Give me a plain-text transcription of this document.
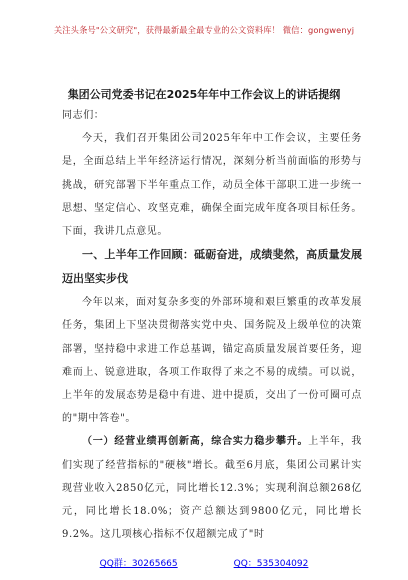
关注头条号"公文研究"，获得最新最全最专业的公文资料库！ 微信：gongwenyj
集团公司党委书记在2025年年中工作会议上的讲话提纲

同志们：

今天，我们召开集团公司2025年年中工作会议，主要任务是，全面总结上半年经济运行情况，深刻分析当前面临的形势与挑战，研究部署下半年重点工作，动员全体干部职工进一步统一思想、坚定信心、攻坚克难，确保全面完成年度各项目标任务。下面，我讲几点意见。

一、上半年工作回顾：砥砺奋进，成绩斐然，高质量发展迈出坚实步伐

今年以来，面对复杂多变的外部环境和艰巨繁重的改革发展任务，集团上下坚决贯彻落实党中央、国务院及上级单位的决策部署，坚持稳中求进工作总基调，锚定高质量发展首要任务，迎难而上、锐意进取，各项工作取得了来之不易的成绩。可以说，上半年的发展态势是稳中有进、进中提质，交出了一份可圈可点的"期中答卷"。

（一）经营业绩再创新高，综合实力稳步攀升。上半年，我们实现了经营指标的"硬核"增长。截至6月底，集团公司累计实现营业收入2850亿元，同比增长12.3%；实现利润总额268亿元，同比增长18.0%；资产总额达到9800亿元，同比增长9.2%。这几项核心指标不仅超额完成了"时

QQ群：30265665	QQ：535304092
